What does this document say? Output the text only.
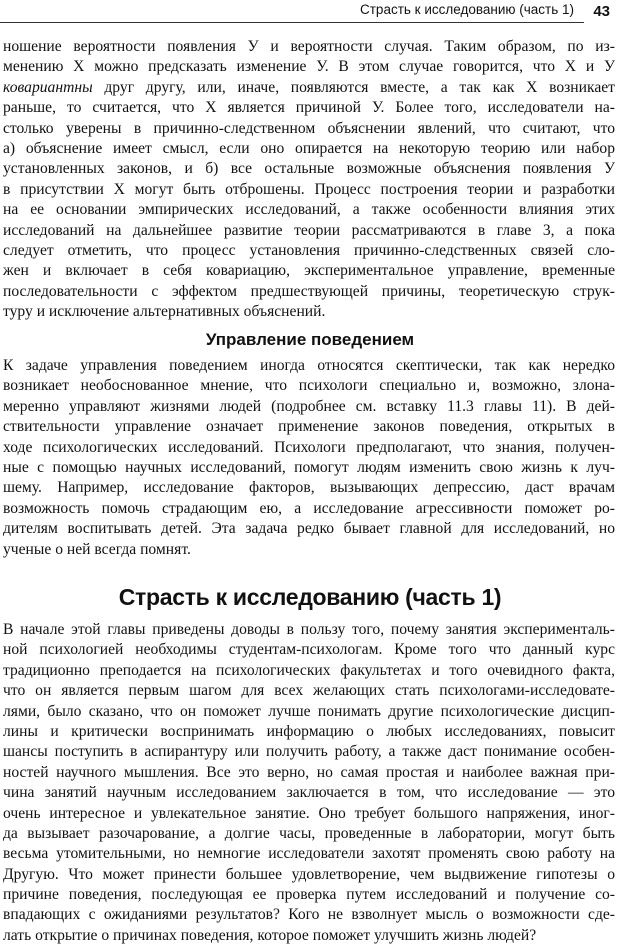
Страсть к исследованию (часть 1) 43
ношение вероятности появления У и вероятности случая. Таким образом, по из-
менению X можно предсказать изменение У. В этом случае говорится, что X и У
ковариантны друг другу, или, иначе, появляются вместе, а так как X возникает
раньше, то считается, что X является причиной У. Более того, исследователи на-
столько уверены в причинно-следственном объяснении явлений, что считают, что
а) объяснение имеет смысл, если оно опирается на некоторую теорию или набор
установленных законов, и б) все остальные возможные объяснения появления У
в присутствии X могут быть отброшены. Процесс построения теории и разработки
на ее основании эмпирических исследований, а также особенности влияния этих
исследований на дальнейшее развитие теории рассматриваются в главе 3, а пока
следует отметить, что процесс установления причинно-следственных связей сло-
жен и включает в себя ковариацию, экспериментальное управление, временные
последовательности с эффектом предшествующей причины, теоретическую струк-
туру и исключение альтернативных объяснений.
Управление поведением
К задаче управления поведением иногда относятся скептически, так как нередко
возникает необоснованное мнение, что психологи специально и, возможно, злона-
меренно управляют жизнями людей (подробнее см. вставку 11.3 главы 11). В дей-
ствительности управление означает применение законов поведения, открытых в
ходе психологических исследований. Психологи предполагают, что знания, получен-
ные с помощью научных исследований, помогут людям изменить свою жизнь к луч-
шему. Например, исследование факторов, вызывающих депрессию, даст врачам
возможность помочь страдающим ею, а исследование агрессивности поможет ро-
дителям воспитывать детей. Эта задача редко бывает главной для исследований, но
ученые о ней всегда помнят.
Страсть к исследованию (часть 1)
В начале этой главы приведены доводы в пользу того, почему занятия эксперименталь-
ной психологией необходимы студентам-психологам. Кроме того что данный курс
традиционно преподается на психологических факультетах и того очевидного факта,
что он является первым шагом для всех желающих стать психологами-исследовате-
лями, было сказано, что он поможет лучше понимать другие психологические дисцип-
лины и критически воспринимать информацию о любых исследованиях, повысит
шансы поступить в аспирантуру или получить работу, а также даст понимание особен-
ностей научного мышления. Все это верно, но самая простая и наиболее важная при-
чина занятий научным исследованием заключается в том, что исследование — это
очень интересное и увлекательное занятие. Оно требует большого напряжения, иног-
да вызывает разочарование, а долгие часы, проведенные в лаборатории, могут быть
весьма утомительными, но немногие исследователи захотят променять свою работу на
Другую. Что может принести большее удовлетворение, чем выдвижение гипотезы о
причине поведения, последующая ее проверка путем исследований и получение со-
впадающих с ожиданиями результатов? Кого не взволнует мысль о возможности сде-
лать открытие о причинах поведения, которое поможет улучшить жизнь людей?
